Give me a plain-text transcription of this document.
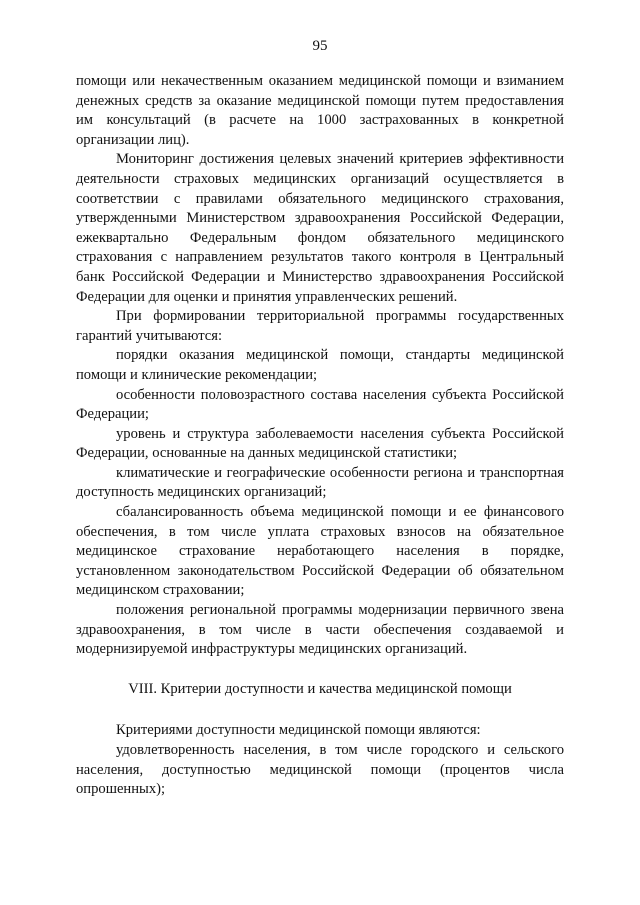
95

помощи или некачественным оказанием медицинской помощи и взиманием денежных средств за оказание медицинской помощи путем предоставления им консультаций (в расчете на 1000 застрахованных в конкретной организации лиц).

Мониторинг достижения целевых значений критериев эффективности деятельности страховых медицинских организаций осуществляется в соответствии с правилами обязательного медицинского страхования, утвержденными Министерством здравоохранения Российской Федерации, ежеквартально Федеральным фондом обязательного медицинского страхования с направлением результатов такого контроля в Центральный банк Российской Федерации и Министерство здравоохранения Российской Федерации для оценки и принятия управленческих решений.

При формировании территориальной программы государственных гарантий учитываются:

порядки оказания медицинской помощи, стандарты медицинской помощи и клинические рекомендации;

особенности половозрастного состава населения субъекта Российской Федерации;

уровень и структура заболеваемости населения субъекта Российской Федерации, основанные на данных медицинской статистики;

климатические и географические особенности региона и транспортная доступность медицинских организаций;

сбалансированность объема медицинской помощи и ее финансового обеспечения, в том числе уплата страховых взносов на обязательное медицинское страхование неработающего населения в порядке, установленном законодательством Российской Федерации об обязательном медицинском страховании;

положения региональной программы модернизации первичного звена здравоохранения, в том числе в части обеспечения создаваемой и модернизируемой инфраструктуры медицинских организаций.

VIII. Критерии доступности и качества медицинской помощи

Критериями доступности медицинской помощи являются:

удовлетворенность населения, в том числе городского и сельского населения, доступностью медицинской помощи (процентов числа опрошенных);
